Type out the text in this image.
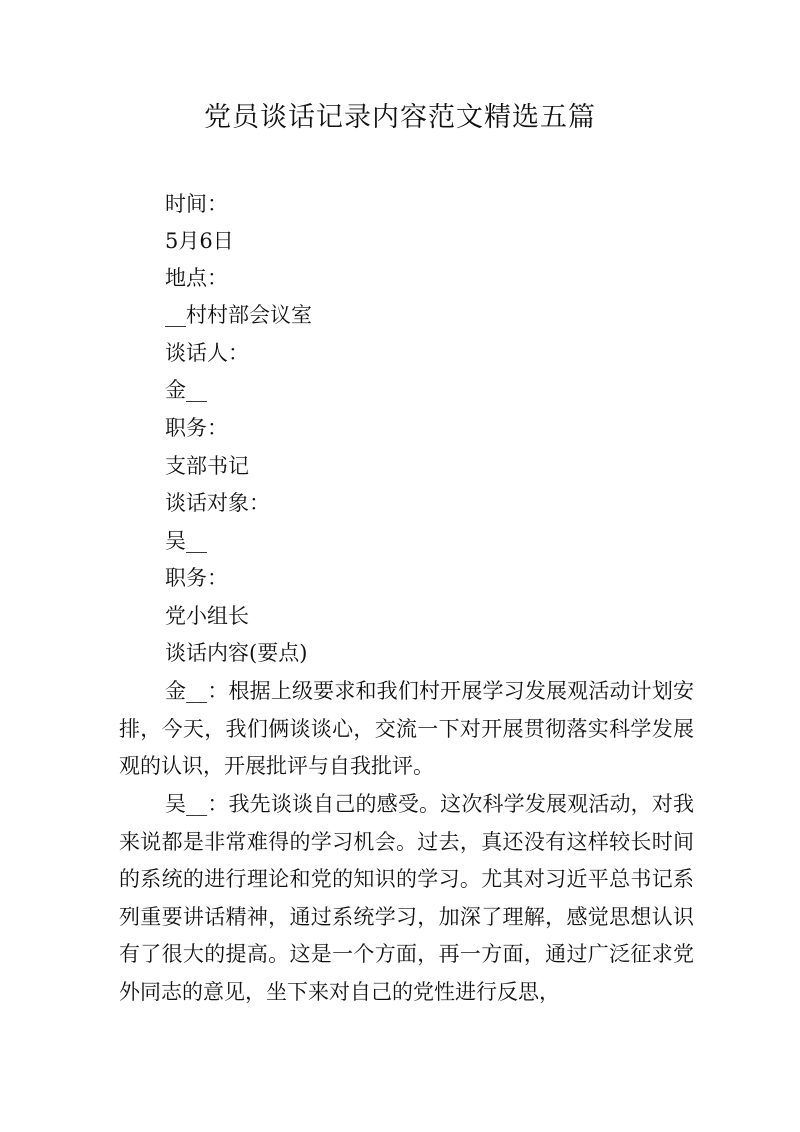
党员谈话记录内容范文精选五篇
时间：
5月6日
地点：
__村村部会议室
谈话人：
金__
职务：
支部书记
谈话对象：
吴__
职务：
党小组长
谈话内容(要点)

金__：根据上级要求和我们村开展学习发展观活动计划安排，今天，我们俩谈谈心，交流一下对开展贯彻落实科学发展观的认识，开展批评与自我批评。

吴__：我先谈谈自己的感受。这次科学发展观活动，对我来说都是非常难得的学习机会。过去，真还没有这样较长时间的系统的进行理论和党的知识的学习。尤其对习近平总书记系列重要讲话精神，通过系统学习，加深了理解，感觉思想认识有了很大的提高。这是一个方面，再一方面，通过广泛征求党外同志的意见，坐下来对自己的党性进行反思，
